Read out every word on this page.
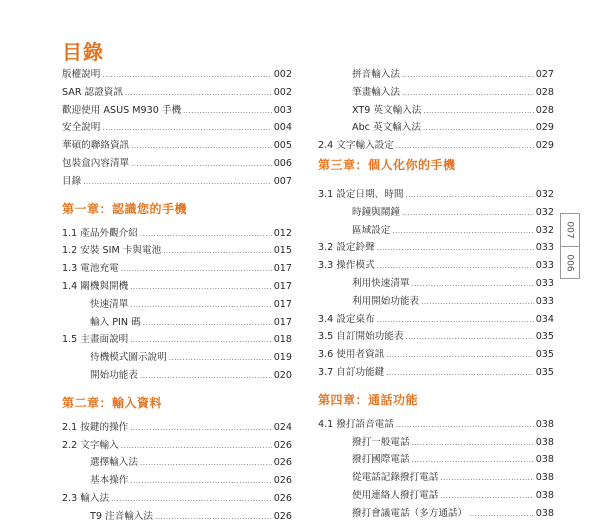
目錄
版權說明 .....	002
SAR 認證資訊 .....	002
歡迎使用 ASUS M930 手機 .....	003
安全說明 .....	004
華碩的聯絡資訊 .....	005
包裝盒內容清單 .....	006
目錄 .....	007
第一章：認識您的手機
1.1 產品外觀介紹 .....	012
1.2 安裝 SIM 卡與電池 .....	015
1.3 電池充電 .....	017
1.4 關機與開機 .....	017
快速清單 .....	017
輸入 PIN 碼 .....	017
1.5 主畫面說明 .....	018
待機模式圖示說明 .....	019
開始功能表 .....	020
第二章：輸入資料
2.1 按鍵的操作 .....	024
2.2 文字輸入 .....	026
選擇輸入法 .....	026
基本操作 .....	026
2.3 輸入法 .....	026
T9 注音輸入法 .....	026
拼音輸入法 .....	027
筆畫輸入法 .....	028
XT9 英文輸入法 .....	028
Abc 英文輸入法 .....	029
2.4 文字輸入設定 .....	029
第三章：個人化你的手機
3.1 設定日期、時間 .....	032
時鐘與鬧鐘 .....	032
區域設定 .....	032
3.2 設定鈴聲 .....	033
3.3 操作模式 .....	033
利用快速清單 .....	033
利用開始功能表 .....	033
3.4 設定桌布 .....	034
3.5 自訂開始功能表 .....	035
3.6 使用者資訊 .....	035
3.7 自訂功能鍵 .....	035
第四章：通話功能
4.1 撥打語音電話 .....	038
撥打一般電話 .....	038
撥打國際電話 .....	038
從電話記錄撥打電話 .....	038
使用連絡人撥打電話 .....	038
撥打會議電話（多方通話） .....	038
007
006
